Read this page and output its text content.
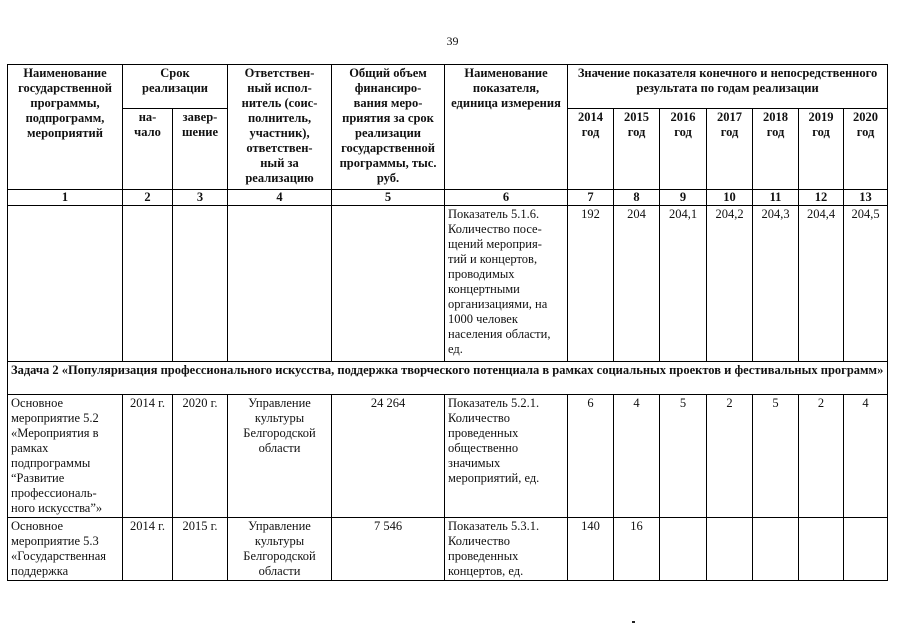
39
Наименование государственной программы, подпрограмм, мероприятий	Срок реализации		Ответствен-
ный испол-
нитель (соис-
полнитель, участник), ответствен-
ный за реализацию	Общий объем финансиро-
вания меро-
приятия за срок реализации государственной программы, тыс. руб.	Наименование показателя, единица измерения	Значение показателя конечного и непосредственного результата по годам реализации						
	на-
чало	завер-
шение				2014
год	2015
год	2016
год	2017
год	2018
год	2019
год	2020
год
1	2	3	4	5	6	7	8	9	10	11	12	13
					Показатель 5.1.6. Количество посе-
щений мероприя-
тий и концертов, проводимых концертными организациями, на 1000 человек населения области, ед.	192	204	204,1	204,2	204,3	204,4	204,5
Задача 2 «Популяризация профессионального искусства, поддержка творческого потенциала в рамках социальных проектов и фестивальных программ»												
Основное мероприятие 5.2 «Мероприятия в рамках подпрограммы “Развитие профессиональ-
ного искусства”»	2014 г.	2020 г.	Управление культуры Белгородской области	24 264	Показатель 5.2.1. Количество проведенных общественно значимых мероприятий, ед.	6	4	5	2	5	2	4
Основное мероприятие 5.3 «Государственная поддержка	2014 г.	2015 г.	Управление культуры Белгородской области	7 546	Показатель 5.3.1. Количество проведенных концертов, ед.	140	16					
